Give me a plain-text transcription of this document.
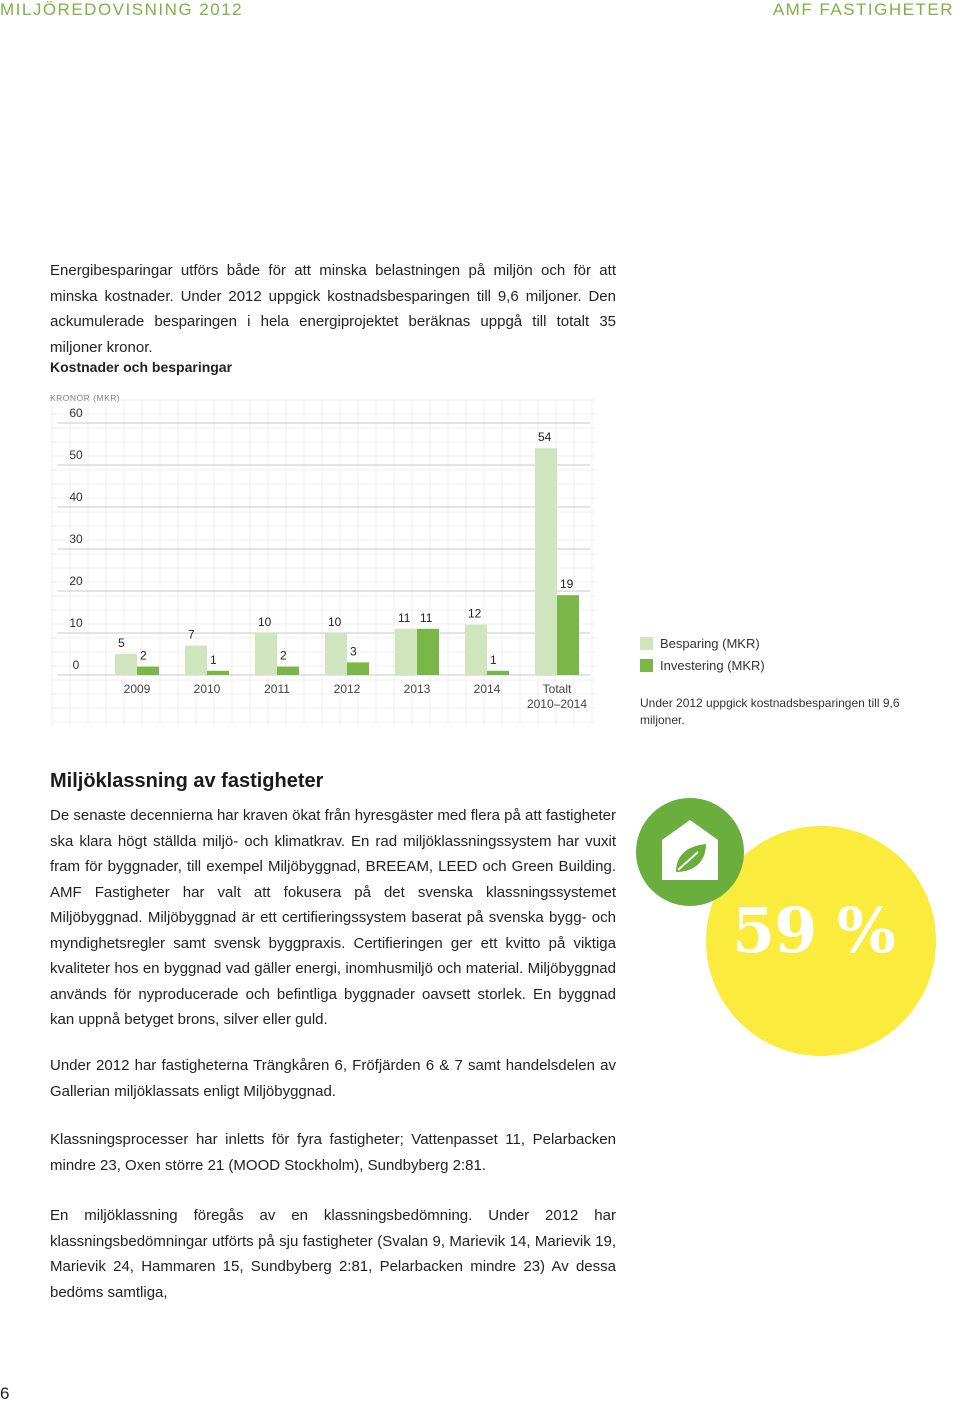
MILJÖREDOVISNING 2012	AMF FASTIGHETER

Energibesparingar utförs både för att minska belastningen på miljön och för att minska kostnader. Under 2012 uppgick kostnadsbesparingen till 9,6 miljoner. Den ackumulerade besparingen i hela energiprojektet beräknas uppgå till totalt 35 miljoner kronor.

Kostnader och besparingar
KRONOR (MKR)
0
10
20
30
40
50
60
5
2
2009
7
1
2010
10
2
2011
10
3
2012
11 11
2013
12
1
2014
54
19
Totalt
2010–2014
Besparing (MKR)
Investering (MKR)
Under 2012 uppgick kostnadsbesparingen till 9,6 miljoner.
Miljöklassning av fastigheter

De senaste decennierna har kraven ökat från hyresgäster med flera på att fastigheter ska klara högt ställda miljö- och klimatkrav. En rad miljöklassningssystem har vuxit fram för byggnader, till exempel Miljöbyggnad, BREEAM, LEED och Green Building. AMF Fastigheter har valt att fokusera på det svenska klassningssystemet Miljöbyggnad. Miljöbyggnad är ett certifieringssystem baserat på svenska bygg- och myndighetsregler samt svensk byggpraxis. Certifieringen ger ett kvitto på viktiga kvaliteter hos en byggnad vad gäller energi, inomhusmiljö och material. Miljöbyggnad används för nyproducerade och befintliga byggnader oavsett storlek. En byggnad kan uppnå betyget brons, silver eller guld.

59 %

Under 2012 har fastigheterna Trängkåren 6, Fröfjärden 6 & 7 samt handelsdelen av Gallerian miljöklassats enligt Miljöbyggnad.

Klassningsprocesser har inletts för fyra fastigheter; Vattenpasset 11, Pelarbacken mindre 23, Oxen större 21 (MOOD Stockholm), Sundbyberg 2:81.

En miljöklassning föregås av en klassningsbedömning. Under 2012 har klassningsbedömningar utförts på sju fastigheter (Svalan 9, Marievik 14, Marievik 19, Marievik 24, Hammaren 15, Sundbyberg 2:81, Pelarbacken mindre 23) Av dessa bedöms samtliga,

6
